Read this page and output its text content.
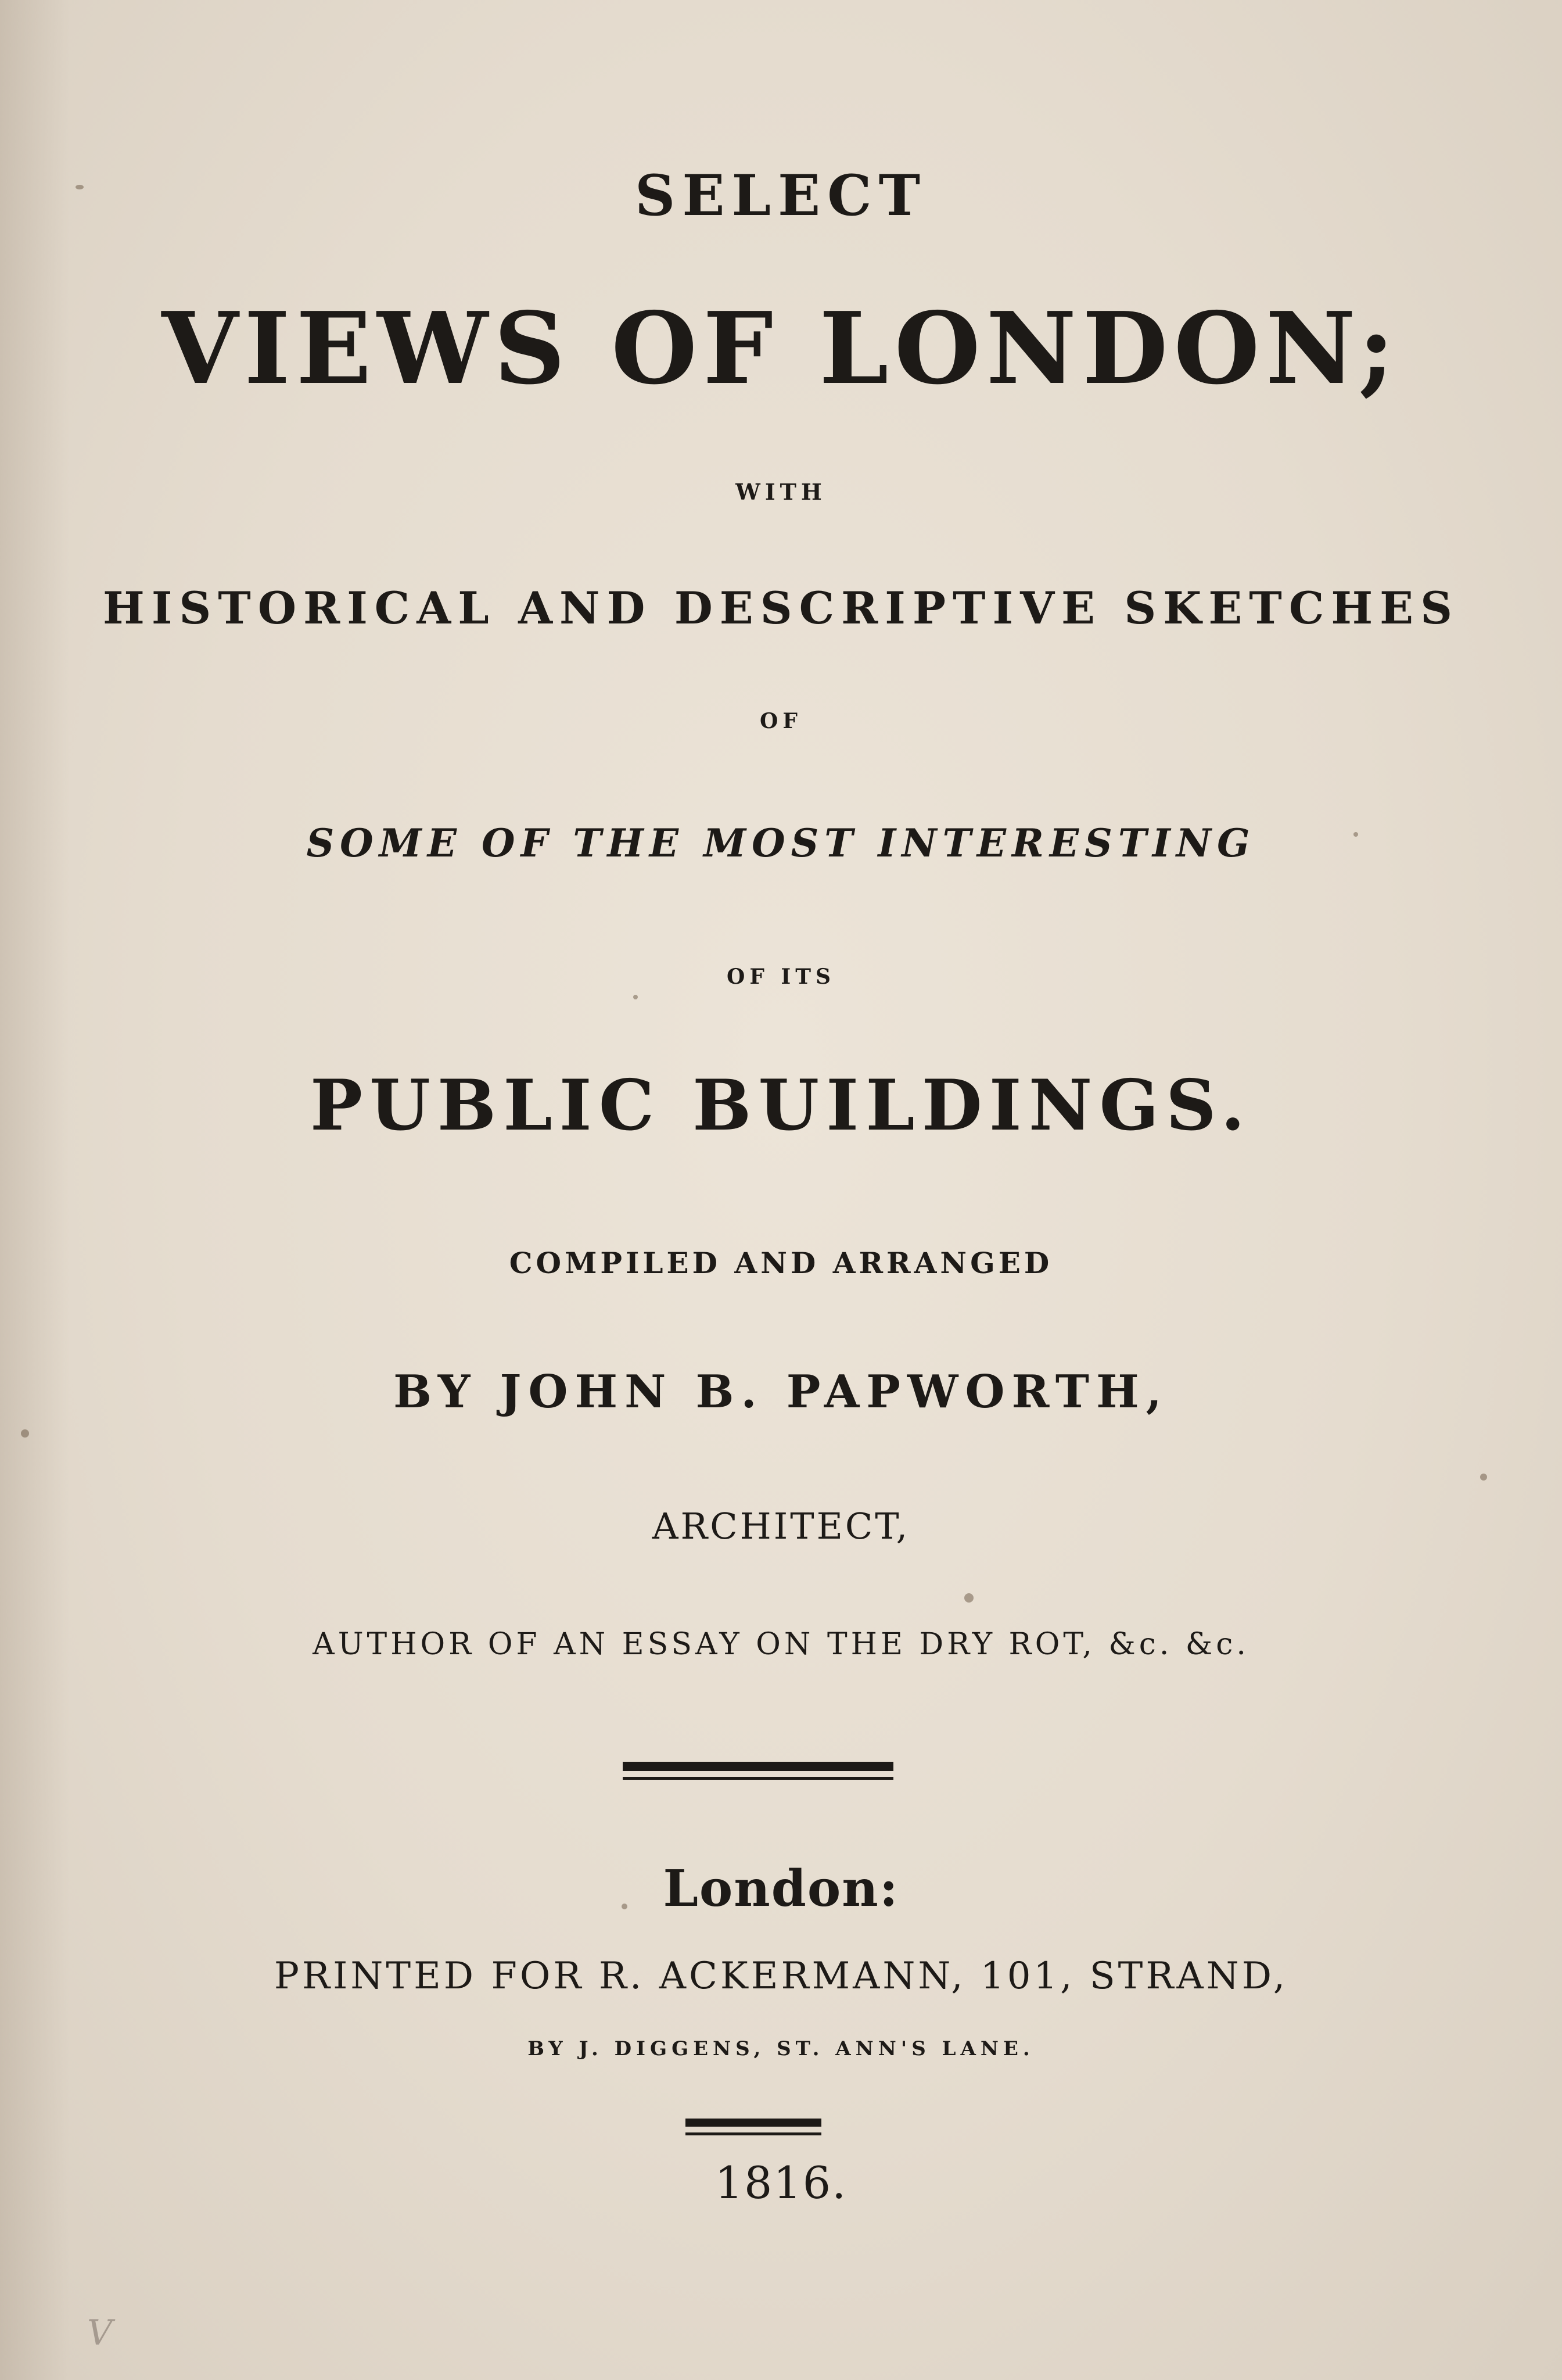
SELECT

VIEWS OF LONDON;

WITH

HISTORICAL AND DESCRIPTIVE SKETCHES

OF

SOME OF THE MOST INTERESTING

OF ITS

PUBLIC BUILDINGS.

COMPILED AND ARRANGED

BY JOHN B. PAPWORTH,

ARCHITECT,

AUTHOR OF AN ESSAY ON THE DRY ROT, &c. &c.

London:

PRINTED FOR R. ACKERMANN, 101, STRAND,

BY J. DIGGENS, ST. ANN'S LANE.

1816.

V
